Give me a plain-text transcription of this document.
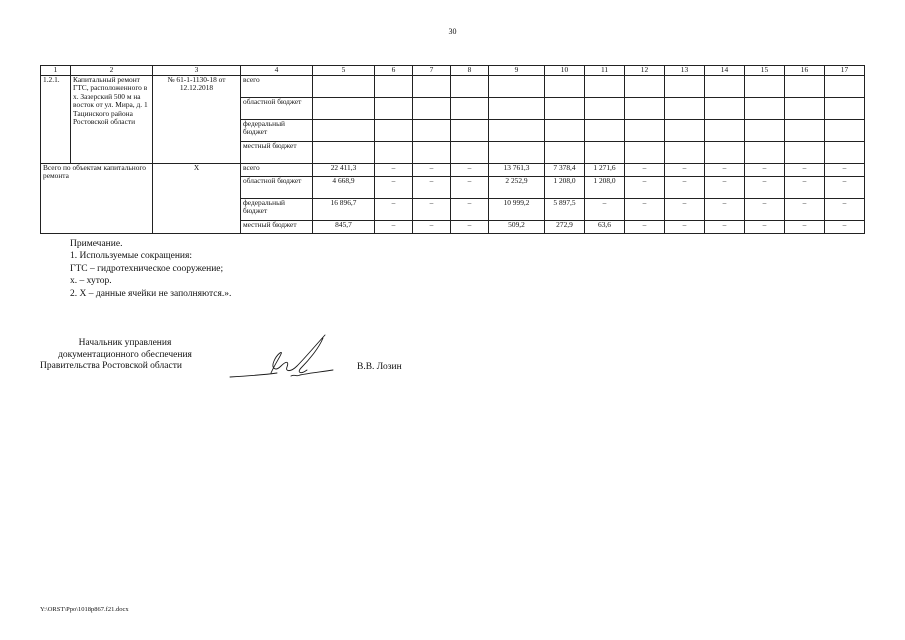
30
1	2	3	4	5	6	7	8	9	10	11	12	13	14	15	16	17
1.2.1.	Капитальный ремонт ГТС, расположенного в х. Зазерский 500 м на восток от ул. Мира, д. 1 Тацинского района Ростовской области	№ 61-1-1130-18 от 12.12.2018	всего													
			областной бюджет													
			федеральный бюджет													
			местный бюджет													
Всего по объектам капитального ремонта		Х	всего	22 411,3	–	–	–	13 761,3	7 378,4	1 271,6	–	–	–	–	–	–
			областной бюджет	4 668,9	–	–	–	2 252,9	1 208,0	1 208,0	–	–	–	–	–	–
			федеральный бюджет	16 896,7	–	–	–	10 999,2	5 897,5	–	–	–	–	–	–	–
			местный бюджет	845,7	–	–	–	509,2	272,9	63,6	–	–	–	–	–	–
Примечание.
1. Используемые сокращения:
ГТС – гидротехническое сооружение;
х. – хутор.
2. Х – данные ячейки не заполняются.».
Начальник управления
документационного обеспечения
Правительства Ростовской области	В.В. Лозин
Y:\ORST\Ppo\1018p867.f21.docx
